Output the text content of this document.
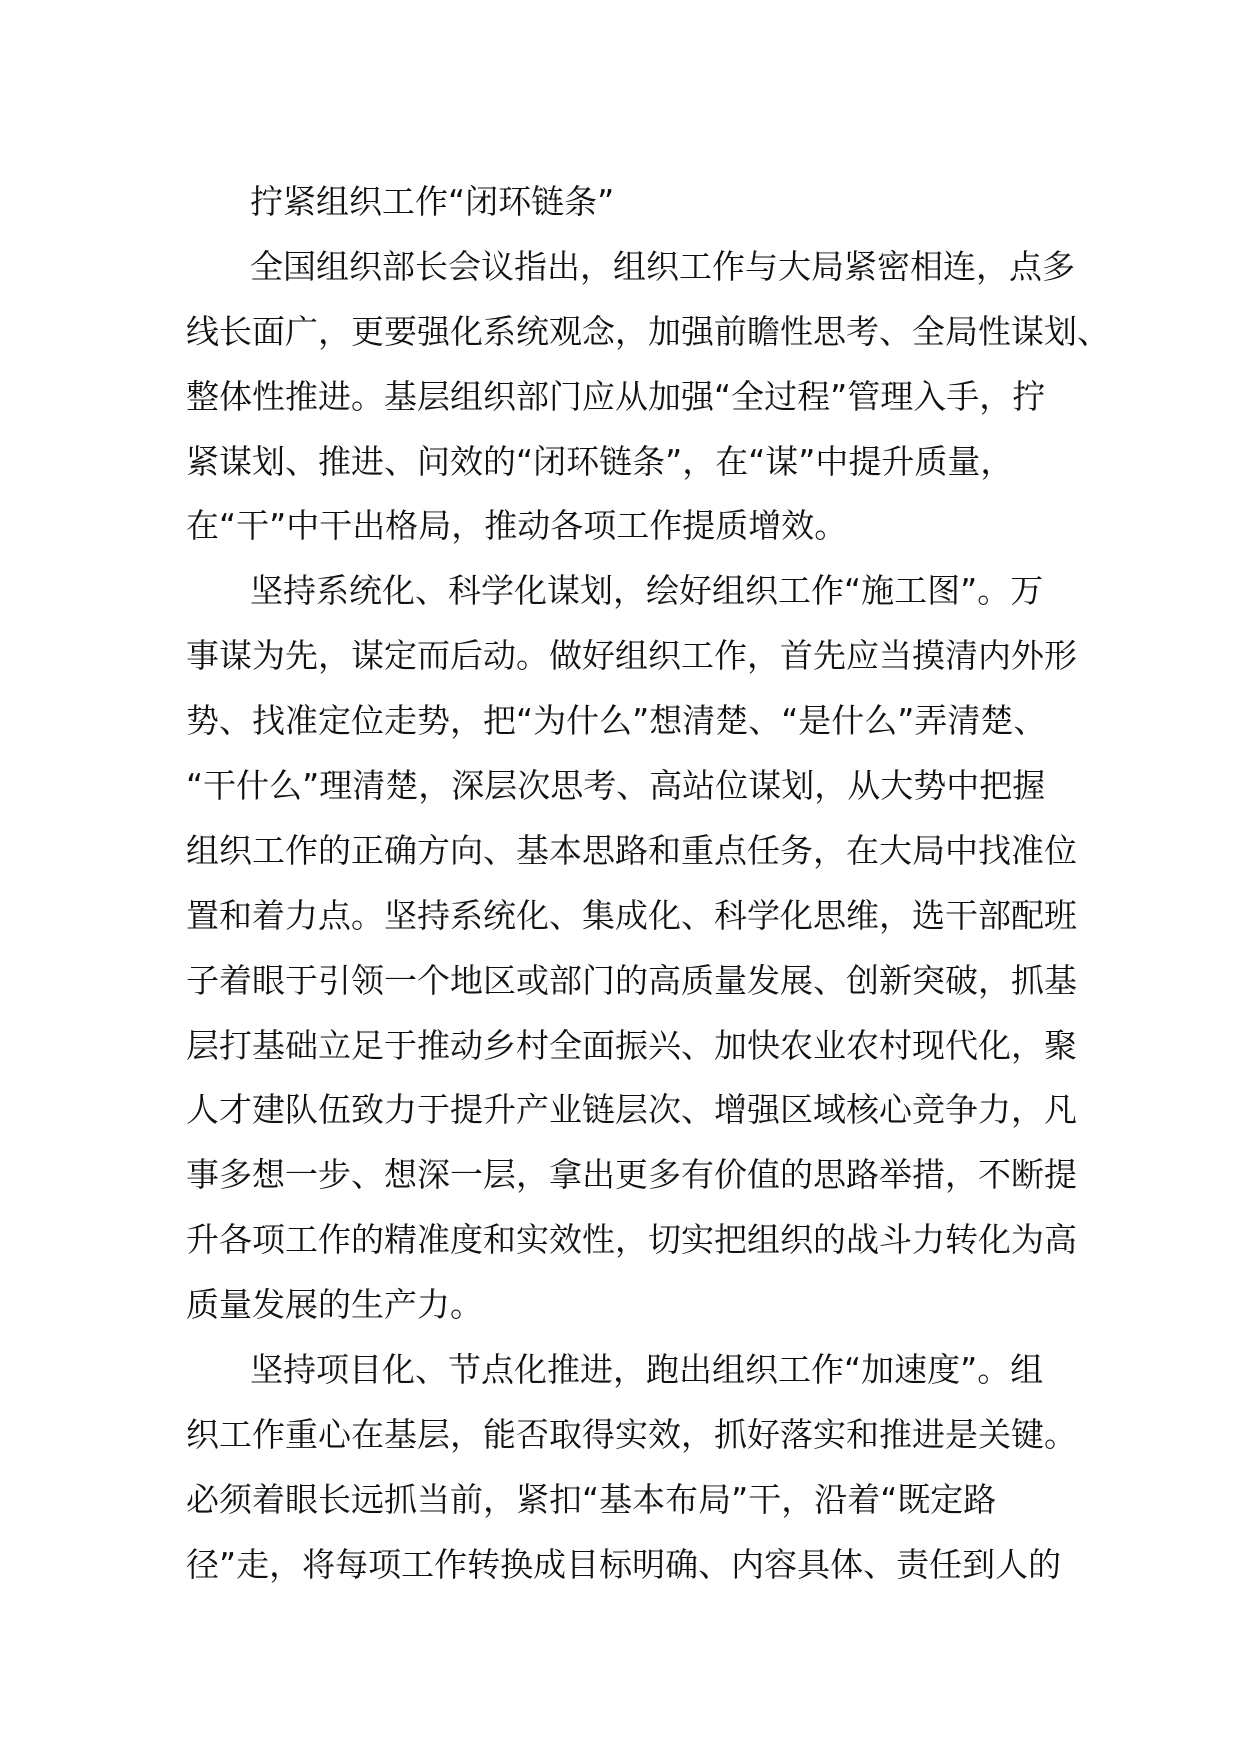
拧紧组织工作“闭环链条”

全国组织部长会议指出，组织工作与大局紧密相连，点多
线长面广，更要强化系统观念，加强前瞻性思考、全局性谋划、
整体性推进。基层组织部门应从加强“全过程”管理入手，拧
紧谋划、推进、问效的“闭环链条”，在“谋”中提升质量，
在“干”中干出格局，推动各项工作提质增效。

坚持系统化、科学化谋划，绘好组织工作“施工图”。万
事谋为先，谋定而后动。做好组织工作，首先应当摸清内外形
势、找准定位走势，把“为什么”想清楚、“是什么”弄清楚、
“干什么”理清楚，深层次思考、高站位谋划，从大势中把握
组织工作的正确方向、基本思路和重点任务，在大局中找准位
置和着力点。坚持系统化、集成化、科学化思维，选干部配班
子着眼于引领一个地区或部门的高质量发展、创新突破，抓基
层打基础立足于推动乡村全面振兴、加快农业农村现代化，聚
人才建队伍致力于提升产业链层次、增强区域核心竞争力，凡
事多想一步、想深一层，拿出更多有价值的思路举措，不断提
升各项工作的精准度和实效性，切实把组织的战斗力转化为高
质量发展的生产力。

坚持项目化、节点化推进，跑出组织工作“加速度”。组
织工作重心在基层，能否取得实效，抓好落实和推进是关键。
必须着眼长远抓当前，紧扣“基本布局”干，沿着“既定路
径”走，将每项工作转换成目标明确、内容具体、责任到人的
